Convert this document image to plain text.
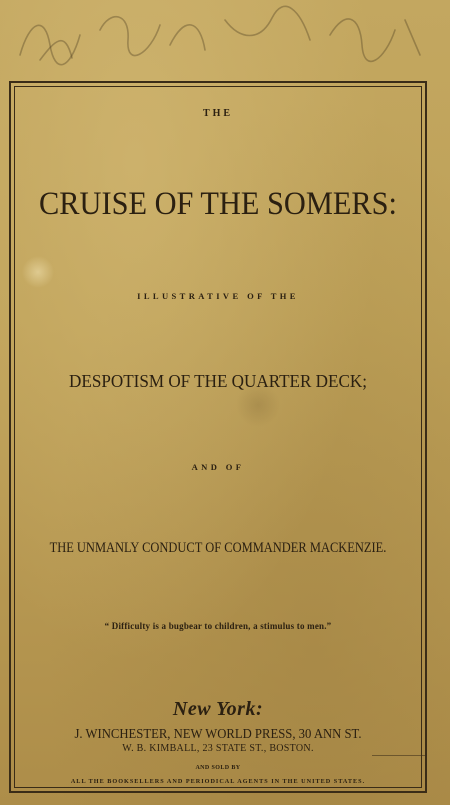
THE
CRUISE OF THE SOMERS:
ILLUSTRATIVE OF THE
DESPOTISM OF THE QUARTER DECK;
AND OF
THE UNMANLY CONDUCT OF COMMANDER MACKENZIE.
“ Difficulty is a bugbear to children, a stimulus to men.”
New York:
J. WINCHESTER, NEW WORLD PRESS, 30 ANN ST.
W. B. KIMBALL, 23 STATE ST., BOSTON.
AND SOLD BY
ALL THE BOOKSELLERS AND PERIODICAL AGENTS IN THE UNITED STATES.
